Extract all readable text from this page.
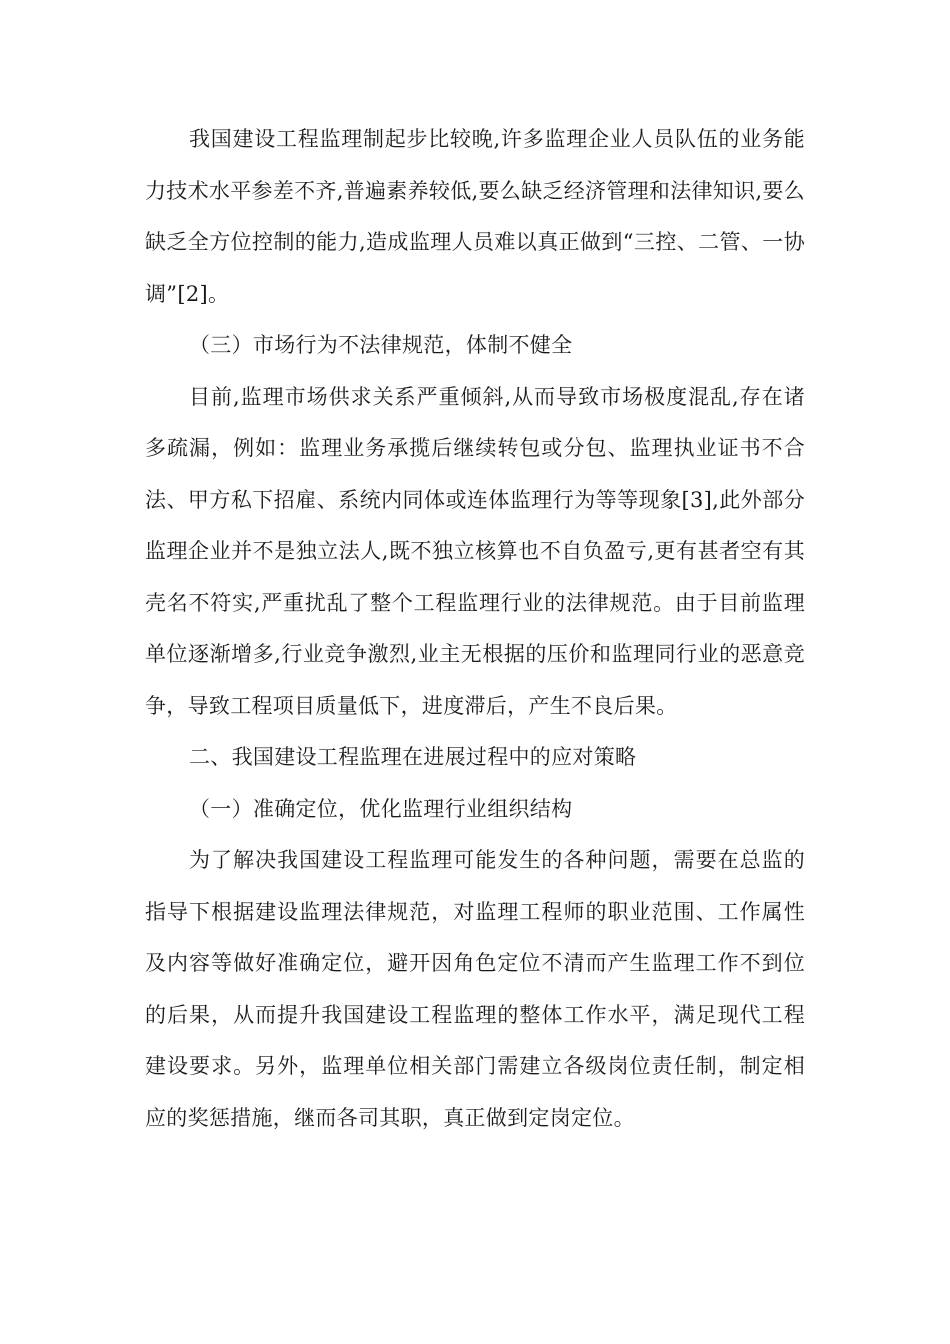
我国建设工程监理制起步比较晚,许多监理企业人员队伍的业务能力技术水平参差不齐,普遍素养较低,要么缺乏经济管理和法律知识,要么缺乏全方位控制的能力,造成监理人员难以真正做到“三控、二管、一协调”[2]。

（三）市场行为不法律规范，体制不健全

目前,监理市场供求关系严重倾斜,从而导致市场极度混乱,存在诸多疏漏，例如：监理业务承揽后继续转包或分包、监理执业证书不合法、甲方私下招雇、系统内同体或连体监理行为等等现象[3],此外部分监理企业并不是独立法人,既不独立核算也不自负盈亏,更有甚者空有其壳名不符实,严重扰乱了整个工程监理行业的法律规范。由于目前监理单位逐渐增多,行业竞争激烈,业主无根据的压价和监理同行业的恶意竞争，导致工程项目质量低下，进度滞后，产生不良后果。

二、我国建设工程监理在进展过程中的应对策略

（一）准确定位，优化监理行业组织结构

为了解决我国建设工程监理可能发生的各种问题，需要在总监的指导下根据建设监理法律规范，对监理工程师的职业范围、工作属性及内容等做好准确定位，避开因角色定位不清而产生监理工作不到位的后果，从而提升我国建设工程监理的整体工作水平，满足现代工程建设要求。另外，监理单位相关部门需建立各级岗位责任制，制定相应的奖惩措施，继而各司其职，真正做到定岗定位。
